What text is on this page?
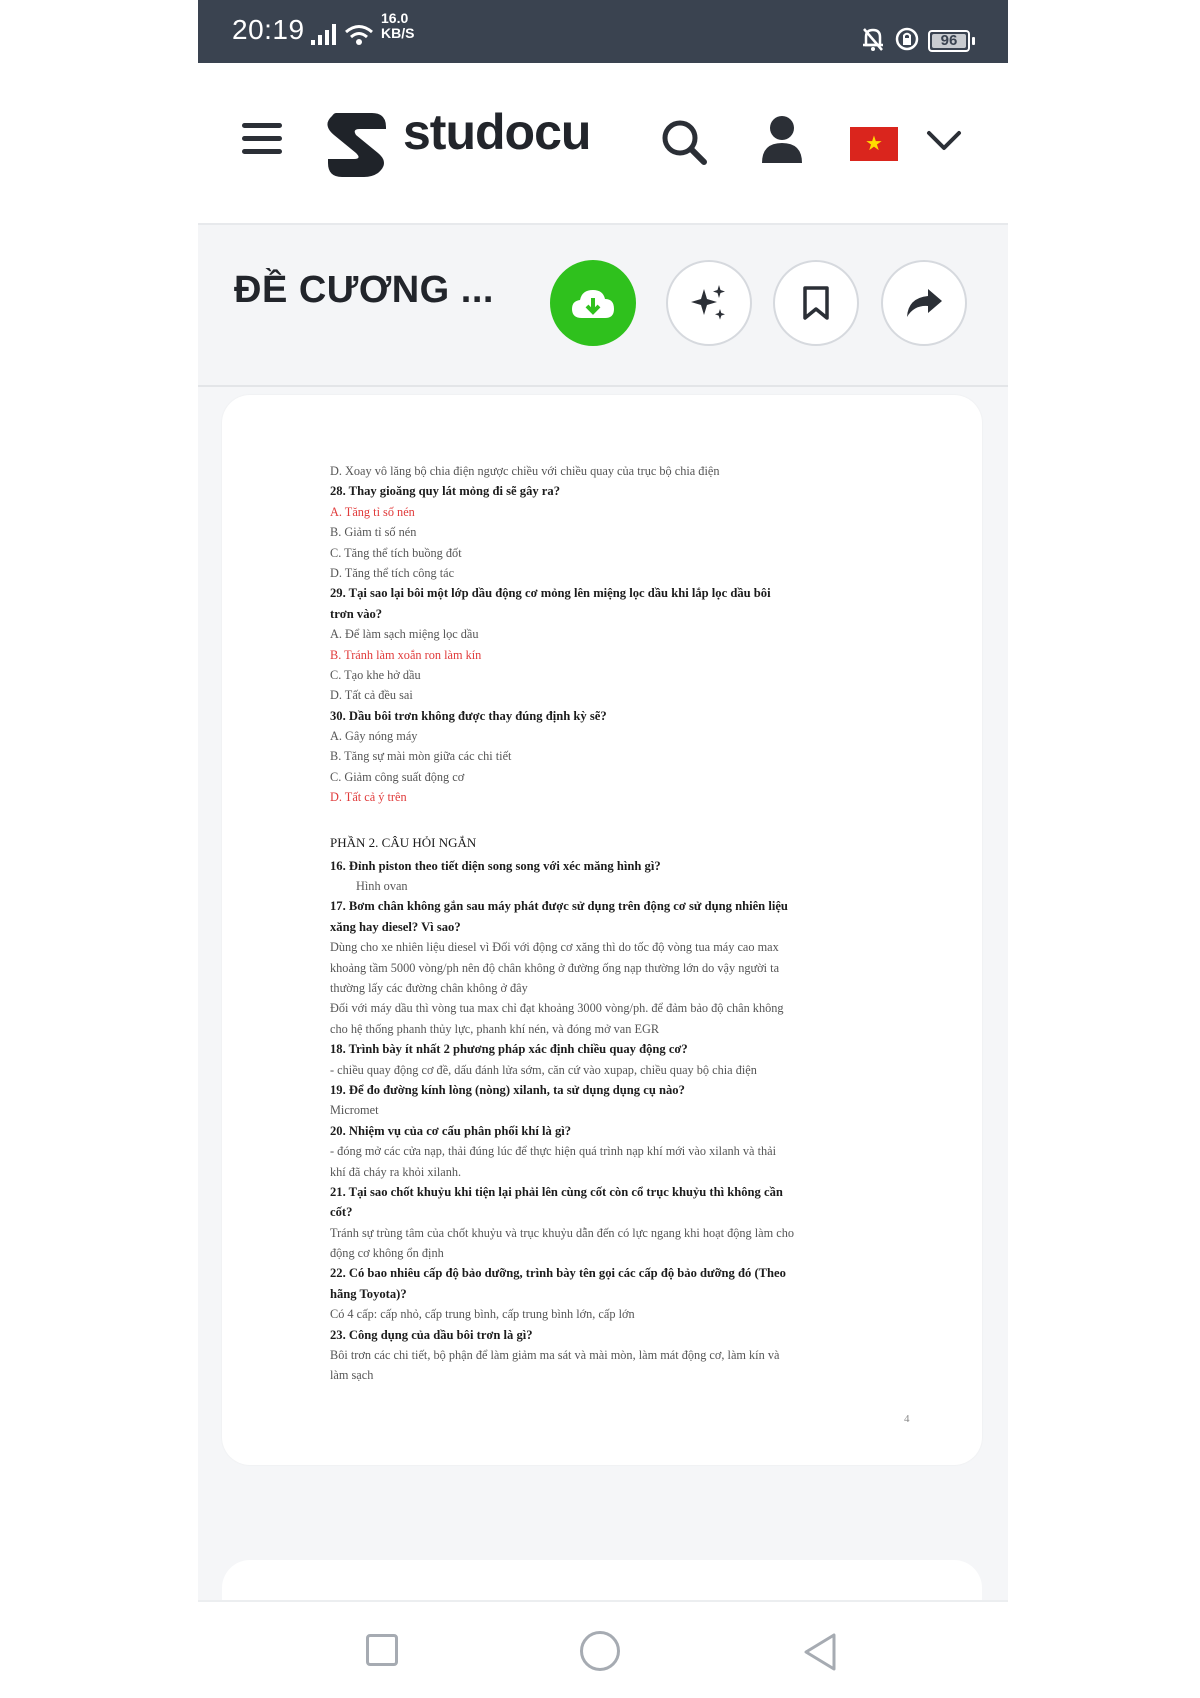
20:19	16.0
KB/S	96
studocu	★
ĐỀ CƯƠNG ...
D. Xoay vô lăng bộ chia điện ngược chiều với chiều quay của trục bộ chia điện
28. Thay gioăng quy lát mỏng đi sẽ gây ra?
A. Tăng tỉ số nén
B. Giảm tỉ số nén
C. Tăng thể tích buồng đốt
D. Tăng thể tích công tác
29. Tại sao lại bôi một lớp dầu động cơ mỏng lên miệng lọc dầu khi lắp lọc dầu bôi
trơn vào?
A. Để làm sạch miệng lọc dầu
B. Tránh làm xoắn ron làm kín
C. Tạo khe hở dầu
D. Tất cả đều sai
30. Dầu bôi trơn không được thay đúng định kỳ sẽ?
A. Gây nóng máy
B. Tăng sự mài mòn giữa các chi tiết
C. Giảm công suất động cơ
D. Tất cả ý trên
PHẦN 2. CÂU HỎI NGẮN
16. Đỉnh piston theo tiết diện song song với xéc măng hình gì?
Hình ovan
17. Bơm chân không gắn sau máy phát được sử dụng trên động cơ sử dụng nhiên liệu
xăng hay diesel? Vì sao?
Dùng cho xe nhiên liệu diesel vì Đối với động cơ xăng thì do tốc độ vòng tua máy cao max
khoảng tầm 5000 vòng/ph nên độ chân không ở đường ống nạp thường lớn do vậy người ta
thường lấy các đường chân không ở đây
Đối với máy dầu thì vòng tua max chỉ đạt khoảng 3000 vòng/ph. để đảm bảo độ chân không
cho hệ thống phanh thủy lực, phanh khí nén, và đóng mở van EGR
18. Trình bày ít nhất 2 phương pháp xác định chiều quay động cơ?
- chiều quay động cơ đề, dấu đánh lửa sớm, căn cứ vào xupap, chiều quay bộ chia điện
19. Để đo đường kính lòng (nòng) xilanh, ta sử dụng dụng cụ nào?
Micromet
20. Nhiệm vụ của cơ cấu phân phối khí là gì?
- đóng mở các cửa nạp, thải đúng lúc để thực hiện quá trình nạp khí mới vào xilanh và thải
khí đã cháy ra khỏi xilanh.
21. Tại sao chốt khuỷu khi tiện lại phải lên cùng cốt còn cổ trục khuỷu thì không cần
cốt?
Tránh sự trùng tâm của chốt khuỷu và trục khuỷu dẫn đến có lực ngang khi hoạt động làm cho
động cơ không ổn định
22. Có bao nhiêu cấp độ bảo dưỡng, trình bày tên gọi các cấp độ bảo dưỡng đó (Theo
hãng Toyota)?
Có 4 cấp: cấp nhỏ, cấp trung bình, cấp trung bình lớn, cấp lớn
23. Công dụng của dầu bôi trơn là gì?
Bôi trơn các chi tiết, bộ phận để làm giảm ma sát và mài mòn, làm mát động cơ, làm kín và
làm sạch
4
